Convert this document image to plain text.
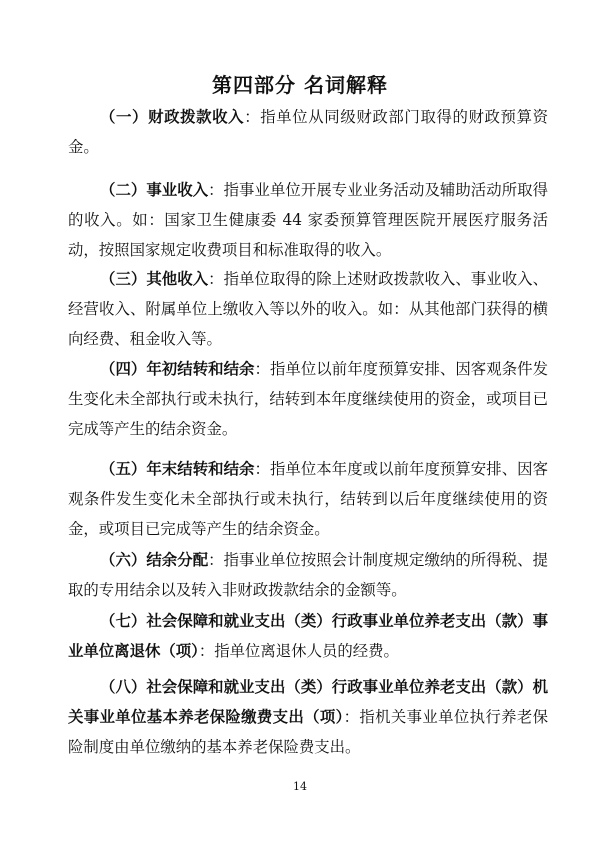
第四部分 名词解释

（一）财政拨款收入：指单位从同级财政部门取得的财政预算资金。

（二）事业收入：指事业单位开展专业业务活动及辅助活动所取得的收入。如：国家卫生健康委 44 家委预算管理医院开展医疗服务活动，按照国家规定收费项目和标准取得的收入。

（三）其他收入：指单位取得的除上述财政拨款收入、事业收入、经营收入、附属单位上缴收入等以外的收入。如：从其他部门获得的横向经费、租金收入等。

（四）年初结转和结余：指单位以前年度预算安排、因客观条件发生变化未全部执行或未执行，结转到本年度继续使用的资金，或项目已完成等产生的结余资金。

（五）年末结转和结余：指单位本年度或以前年度预算安排、因客观条件发生变化未全部执行或未执行，结转到以后年度继续使用的资金，或项目已完成等产生的结余资金。

（六）结余分配：指事业单位按照会计制度规定缴纳的所得税、提取的专用结余以及转入非财政拨款结余的金额等。

（七）社会保障和就业支出（类）行政事业单位养老支出（款）事业单位离退休（项）：指单位离退休人员的经费。

（八）社会保障和就业支出（类）行政事业单位养老支出（款）机关事业单位基本养老保险缴费支出（项）：指机关事业单位执行养老保险制度由单位缴纳的基本养老保险费支出。

14
